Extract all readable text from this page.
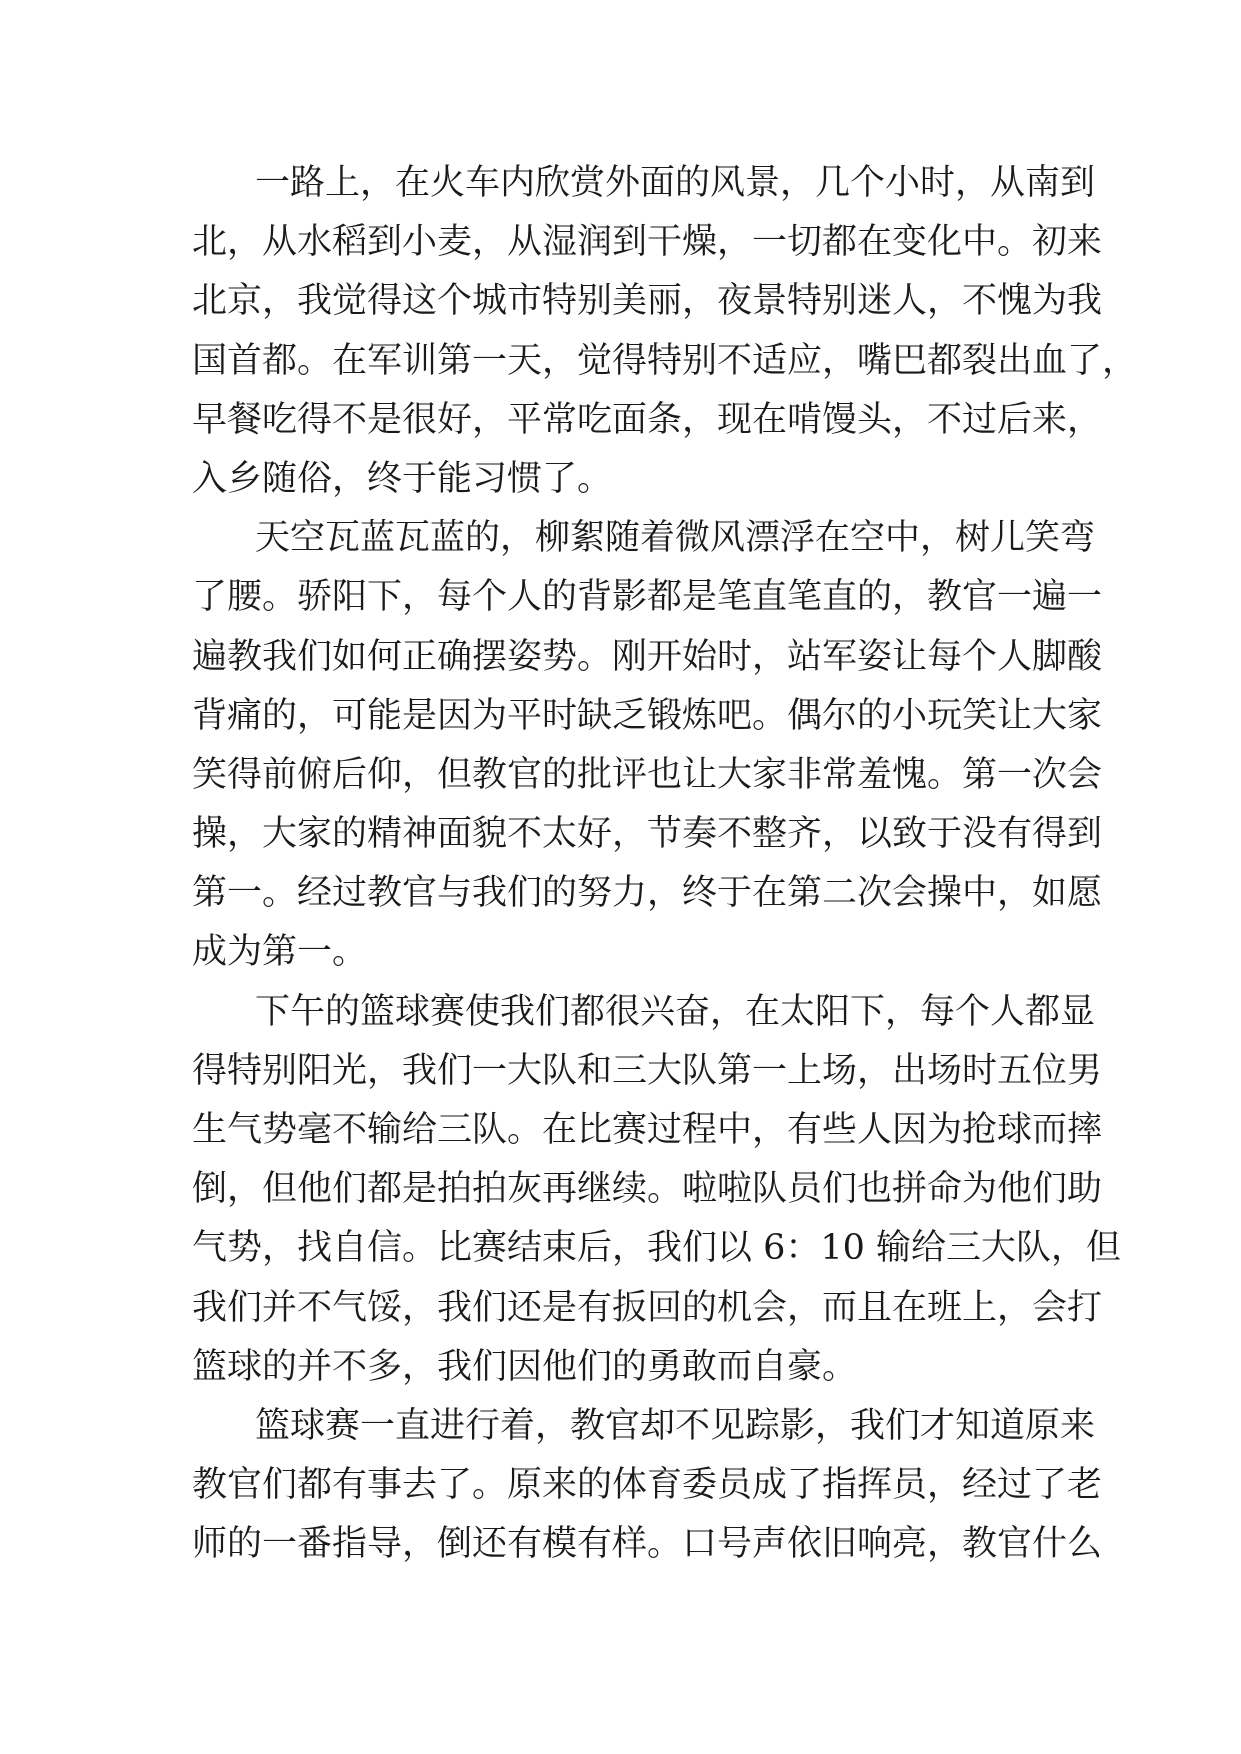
一路上，在火车内欣赏外面的风景，几个小时，从南到
北，从水稻到小麦，从湿润到干燥，一切都在变化中。初来
北京，我觉得这个城市特别美丽，夜景特别迷人，不愧为我
国首都。在军训第一天，觉得特别不适应，嘴巴都裂出血了，
早餐吃得不是很好，平常吃面条，现在啃馒头，不过后来，
入乡随俗，终于能习惯了。
天空瓦蓝瓦蓝的，柳絮随着微风漂浮在空中，树儿笑弯
了腰。骄阳下，每个人的背影都是笔直笔直的，教官一遍一
遍教我们如何正确摆姿势。刚开始时，站军姿让每个人脚酸
背痛的，可能是因为平时缺乏锻炼吧。偶尔的小玩笑让大家
笑得前俯后仰，但教官的批评也让大家非常羞愧。第一次会
操，大家的精神面貌不太好，节奏不整齐，以致于没有得到
第一。经过教官与我们的努力，终于在第二次会操中，如愿
成为第一。
下午的篮球赛使我们都很兴奋，在太阳下，每个人都显
得特别阳光，我们一大队和三大队第一上场，出场时五位男
生气势毫不输给三队。在比赛过程中，有些人因为抢球而摔
倒，但他们都是拍拍灰再继续。啦啦队员们也拼命为他们助
气势，找自信。比赛结束后，我们以 6：10 输给三大队，但
我们并不气馁，我们还是有扳回的机会，而且在班上，会打
篮球的并不多，我们因他们的勇敢而自豪。
篮球赛一直进行着，教官却不见踪影，我们才知道原来
教官们都有事去了。原来的体育委员成了指挥员，经过了老
师的一番指导，倒还有模有样。口号声依旧响亮，教官什么
